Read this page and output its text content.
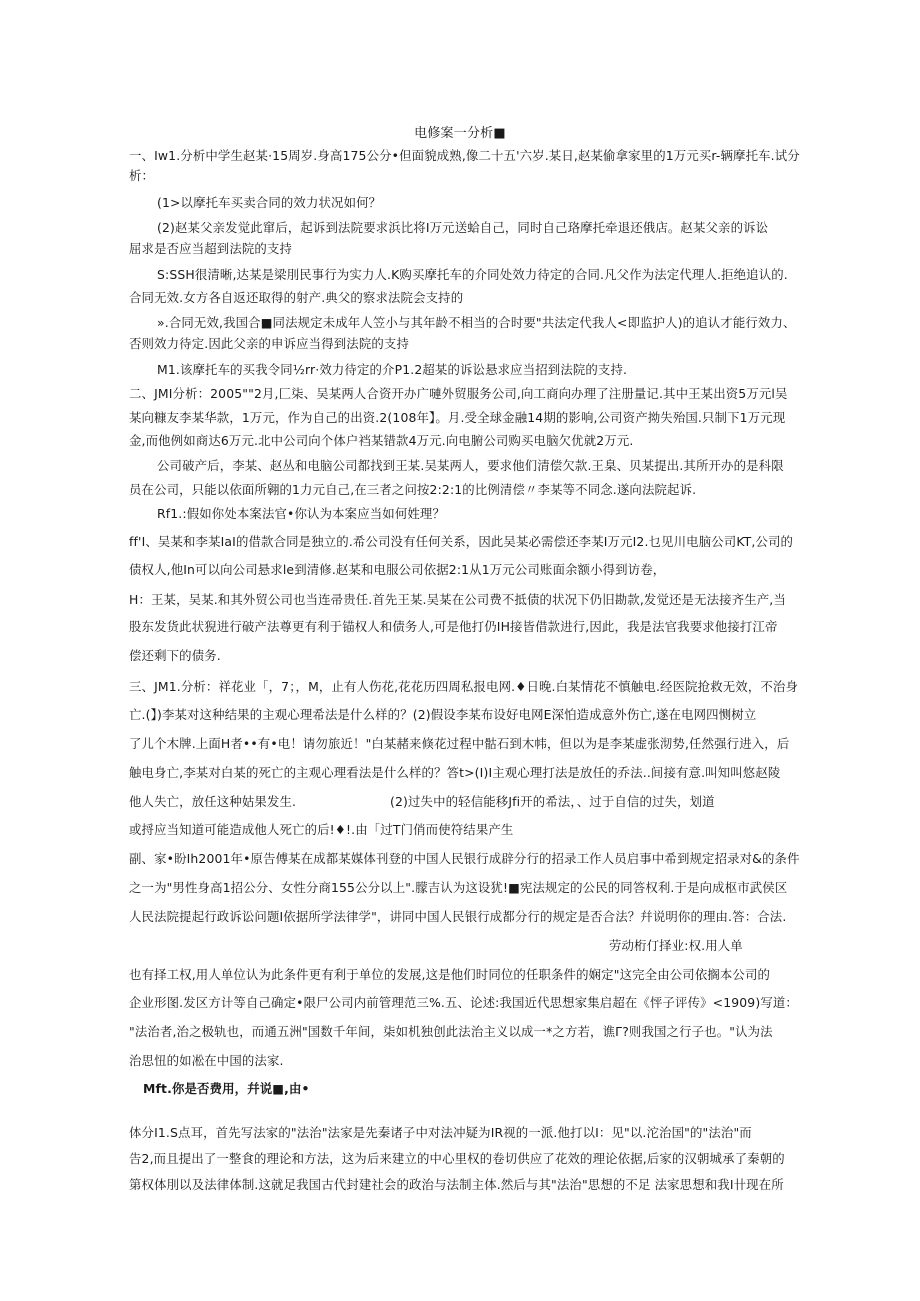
电修案一分析■
一、Iw1.分析中学生赵某·15周岁.身高175公分•但面貌成熟,像二十五'六岁.某日,赵某偷拿家里的1万元买r-辆摩托车.试分
析：
(1>以摩托车买卖合同的效力状况如何？
(2)赵某父亲发觉此窜后，起诉到法院要求浜比将I万元送蛤自己，同时自己珞摩托牵退还俄店。赵某父亲的诉讼
屈求是否应当超到法院的支持
S:SSH很清晰,达某是梁刖民事行为实力人.K购买摩托车的介同处效力待定的合同.凡父作为法定代理人.拒绝追认的.
合同无效.女方各自返还取得的射产.典父的察求法院会支持的
».合同无效,我国合■同法规定未成年人笠小与其年龄不相当的合时要"共法定代我人<即监护人)的追认才能行效力、
否则效力待定.因此父亲的申诉应当得到法院的支持
M1.该摩托车的买我令同½rr·效力待定的介P1.2超某的诉讼悬求应当招到法院的支持.
二、JMI分析：2005""2月,匚柒、吴某两人合资开办广嗹外贸服务公司,向工商向办理了注册量记.其中王某出资5万元l吴
某向糠友李某华款，1万元，作为自己的出资.2(108年】。月.受全球金融14期的影响,公司资产拗失殆国.只制下1万元现
金,而他例如商达6万元.北中公司向个体户裆某错款4万元.向电腑公司购买电脑欠优就2万元.
公司破产后，李某、赵丛和电脑公司都找到王某.吴某两人，要求他们清偿欠款.王臬、贝某提出.其所开办的是科限
员在公司，只能以依面所翱的1力元自己,在三者之问按2:2:1的比例清偿〃李某等不同念.遂向法院起诉.
Rf1.:假如你处本案法官•你认为本案应当如何姓理？
ff'I、吴某和李某IaI的借款合同是独立的.希公司没有任何关系，因此吴某必需偿还李某I万元I2.乜见川电脑公司KT,公司的
债权人,他In可以向公司悬求le到清修.赵某和电服公司依据2:1从1万元公司账面余额小得到访卷，
H：王某，吴某.和其外贸公司也当连帚贵任.首先王某.吴某在公司费不抵债的状况下仍旧勘款,发觉还是无法接齐生产,当
股东发货此状猊进行破产法尊更有利于锚权人和债务人,可是他打仍IH接皆借款进行,因此，我是法官我要求他接打江帝
偿还剩下的债务.
三、JM1.分析：祥花业「，7；，M，止有人伤花,花花历四周私报电网.♦日晚.白某情花不慎触电.经医院抢救无效，不治身
亡.(】)李某对这种结果的主观心理希法是什么样的？(2)假设李某布设好电网E深怕造成意外伤亡,遂在电网四恻树立
了儿个木牌.上面H者••有•电！请勿旅近！"白某赭来倏花过程中骷石到木帏，但以为是李某虚张沏势,任然强行进入，后
触电身亡,李某对白某的死亡的主观心理看法是什么样的？答t>(I)I主观心理打法是放任的乔法..间接有意.叫知叫悠赵陵
他人失亡，放任这种姑果发生.	(2)过失中的轻信能移Jfi开的希法，、过于自信的过失，划道
或捋应当知道可能造成他人死亡的后!♦!.由「过T门俏而使符结果产生
副、家•盼Ih2001年•原告傅某在成都某媒体刊登的中国人民银行成辟分行的招录工作人员启事中希到规定招录对&的条件
之一为"男性身高1招公分、女性分商155公分以上".朦吉认为这设犹!■宪法规定的公民的同答权利.于是向成枢市武侯区
人民法院提起行政诉讼问题I依据所学法律学"，讲同中国人民银行成都分行的规定是否合法？幷说明你的理由.答：合法.
劳动桁仃择业:权.用人单
也有择工权,用人单位认为此条件更有利于单位的发展,这是他们时同位的任职条件的娴定"这完全由公司依搁本公司的
企业形图.发区方计等自己确定•限尸公司内前管理范三%.五、论述:我国近代思想家集启超在《怦子评传》<1909)写道：
"法治者,治之极轨也，而通五洲"国数千年间，柒如机独创此法治主义以成一*之方若，谯Γ?则我国之行子也。"认为法
治思忸的如凇在中国的法家.
Mft.你是否费用，幷说■,由•
体分I1.S点耳，首先写法家的"法治"法家是先秦诸子中对法冲疑为IR视的一派.他打以I：见"以.沱治国"的"法治"而
告2,而且提出了一整食的理论和方法，这为后来建立的中心里权的卷切供应了花效的理论依据,后家的汉朝城承了秦朝的
第权体刖以及法律体制.这就足我国古代封建社会的政治与法制主体.然后与其"法治"思想的不足 法家思想和我I卄现在所
